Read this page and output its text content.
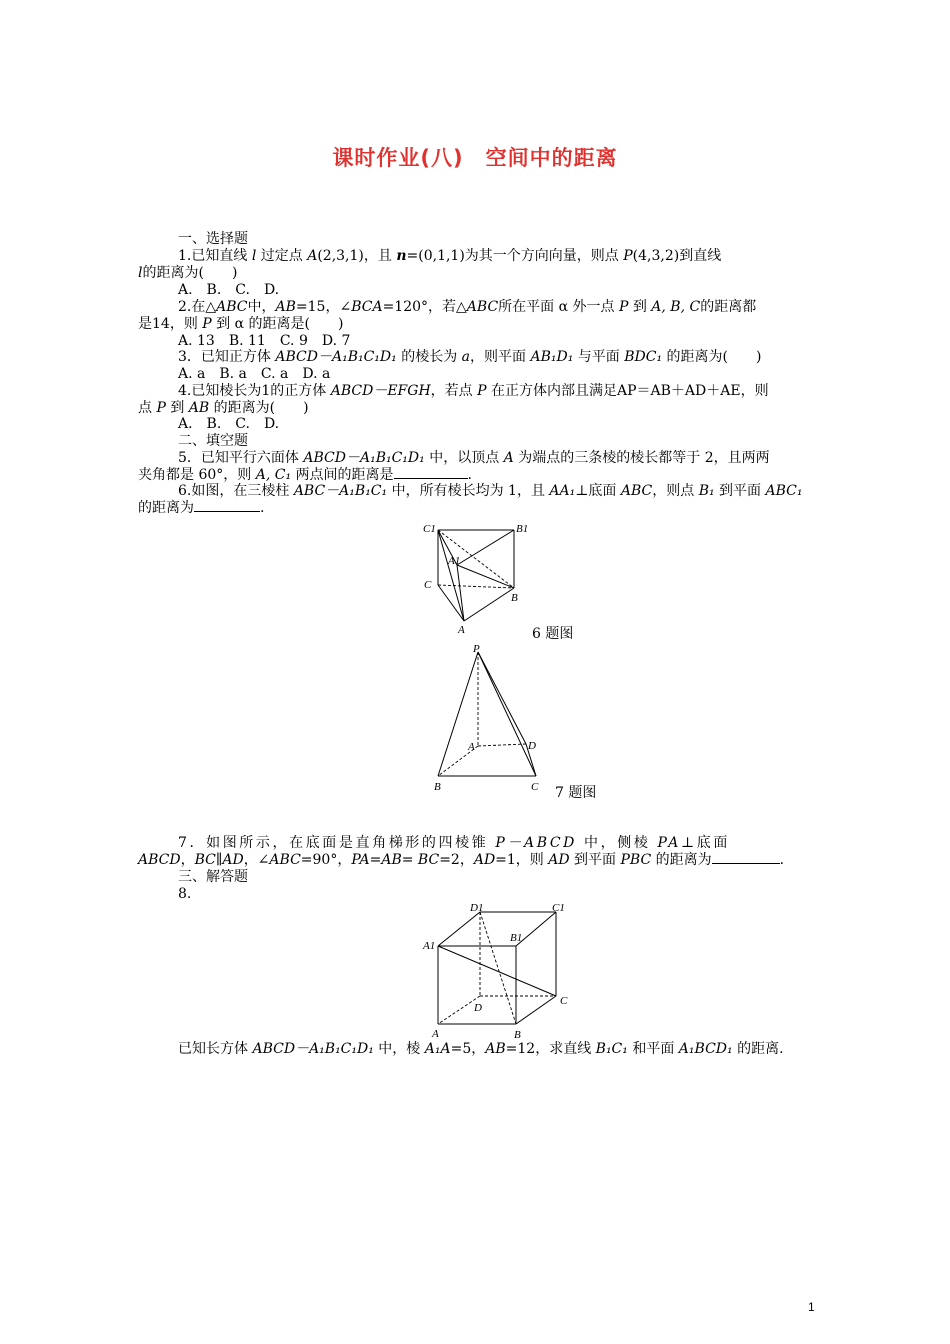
课时作业(八)　空间中的距离
一、选择题
1.已知直线 l 过定点 A(2,3,1)，且 n=(0,1,1)为其一个方向向量，则点 P(4,3,2)到直线
l的距离为(　　)
A.　B.　C.　D.
2.在△ABC中，AB=15，∠BCA=120°，若△ABC所在平面 α 外一点 P 到 A, B, C的距离都
是14，则 P 到 α 的距离是(　　)
A. 13　B. 11　C. 9　D. 7
3．已知正方体 ABCD－A₁B₁C₁D₁ 的棱长为 a，则平面 AB₁D₁ 与平面 BDC₁ 的距离为(　　)
A. a　B. a　C. a　D. a
4.已知棱长为1的正方体 ABCD－EFGH，若点 P 在正方体内部且满足AP＝AB＋AD＋AE，则
点 P 到 AB 的距离为(　　)
A.　B.　C.　D.
二、填空题
5．已知平行六面体 ABCD－A₁B₁C₁D₁ 中，以顶点 A 为端点的三条棱的棱长都等于 2，且两两
夹角都是 60°，则 A, C₁ 两点间的距离是	.
6.如图，在三棱柱 ABC－A₁B₁C₁ 中，所有棱长均为 1，且 AA₁⊥底面 ABC，则点 B₁ 到平面 ABC₁
的距离为	.
C1	B1
A1
C
B
A	6 题图
P
A	D
B	C 7 题图
7．如图所示，在底面是直角梯形的四棱锥 P－ABCD 中，侧棱 PA⊥底面
ABCD，BC∥AD，∠ABC=90°，PA=AB= BC=2，AD=1，则 AD 到平面 PBC 的距离为	.
三、解答题
8.
D1	C1
A1
B1
D
C
A	B
已知长方体 ABCD－A₁B₁C₁D₁ 中，棱 A₁A=5，AB=12，求直线 B₁C₁ 和平面 A₁BCD₁ 的距离.
1
